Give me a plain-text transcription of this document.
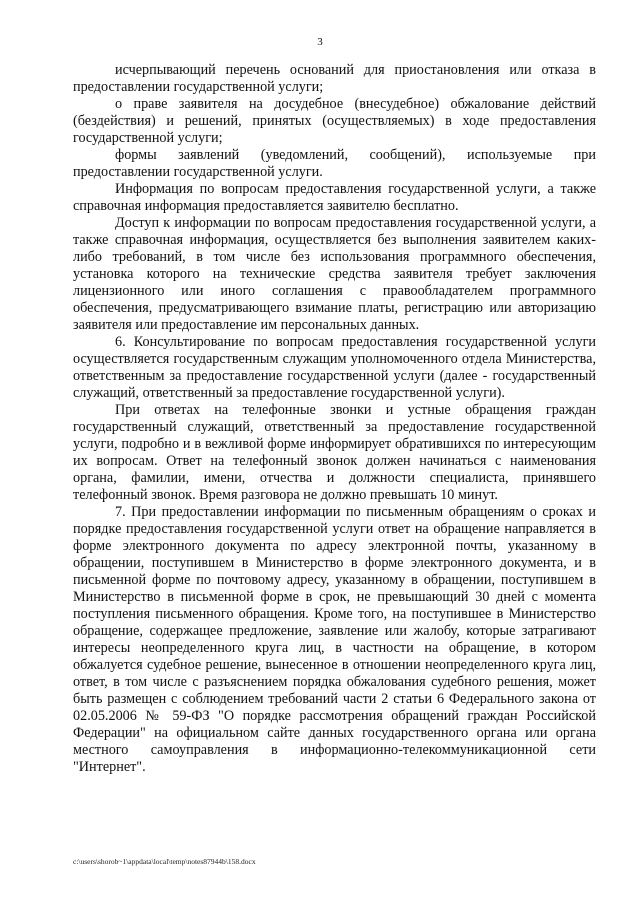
3

исчерпывающий перечень оснований для приостановления или отказа в предоставлении государственной услуги;

о праве заявителя на досудебное (внесудебное) обжалование действий (бездействия) и решений, принятых (осуществляемых) в ходе предоставления государственной услуги;

формы заявлений (уведомлений, сообщений), используемые при предоставлении государственной услуги.

Информация по вопросам предоставления государственной услуги, а также справочная информация предоставляется заявителю бесплатно.

Доступ к информации по вопросам предоставления государственной услуги, а также справочная информация, осуществляется без выполнения заявителем каких-либо требований, в том числе без использования программного обеспечения, установка которого на технические средства заявителя требует заключения лицензионного или иного соглашения с правообладателем программного обеспечения, предусматривающего взимание платы, регистрацию или авторизацию заявителя или предоставление им персональных данных.

6. Консультирование по вопросам предоставления государственной услуги осуществляется государственным служащим уполномоченного отдела Министерства, ответственным за предоставление государственной услуги (далее - государственный служащий, ответственный за предоставление государственной услуги).

При ответах на телефонные звонки и устные обращения граждан государственный служащий, ответственный за предоставление государственной услуги, подробно и в вежливой форме информирует обратившихся по интересующим их вопросам. Ответ на телефонный звонок должен начинаться с наименования органа, фамилии, имени, отчества и должности специалиста, принявшего телефонный звонок. Время разговора не должно превышать 10 минут.

7. При предоставлении информации по письменным обращениям о сроках и порядке предоставления государственной услуги ответ на обращение направляется в форме электронного документа по адресу электронной почты, указанному в обращении, поступившем в Министерство в форме электронного документа, и в письменной форме по почтовому адресу, указанному в обращении, поступившем в Министерство в письменной форме в срок, не превышающий 30 дней с момента поступления письменного обращения. Кроме того, на поступившее в Министерство обращение, содержащее предложение, заявление или жалобу, которые затрагивают интересы неопределенного круга лиц, в частности на обращение, в котором обжалуется судебное решение, вынесенное в отношении неопределенного круга лиц, ответ, в том числе с разъяснением порядка обжалования судебного решения, может быть размещен с соблюдением требований части 2 статьи 6 Федерального закона от 02.05.2006 № 59-ФЗ "О порядке рассмотрения обращений граждан Российской Федерации" на официальном сайте данных государственного органа или органа местного самоуправления в информационно-телекоммуникационной сети "Интернет".

c:\users\shorob~1\appdata\local\temp\notes87944b\158.docx
